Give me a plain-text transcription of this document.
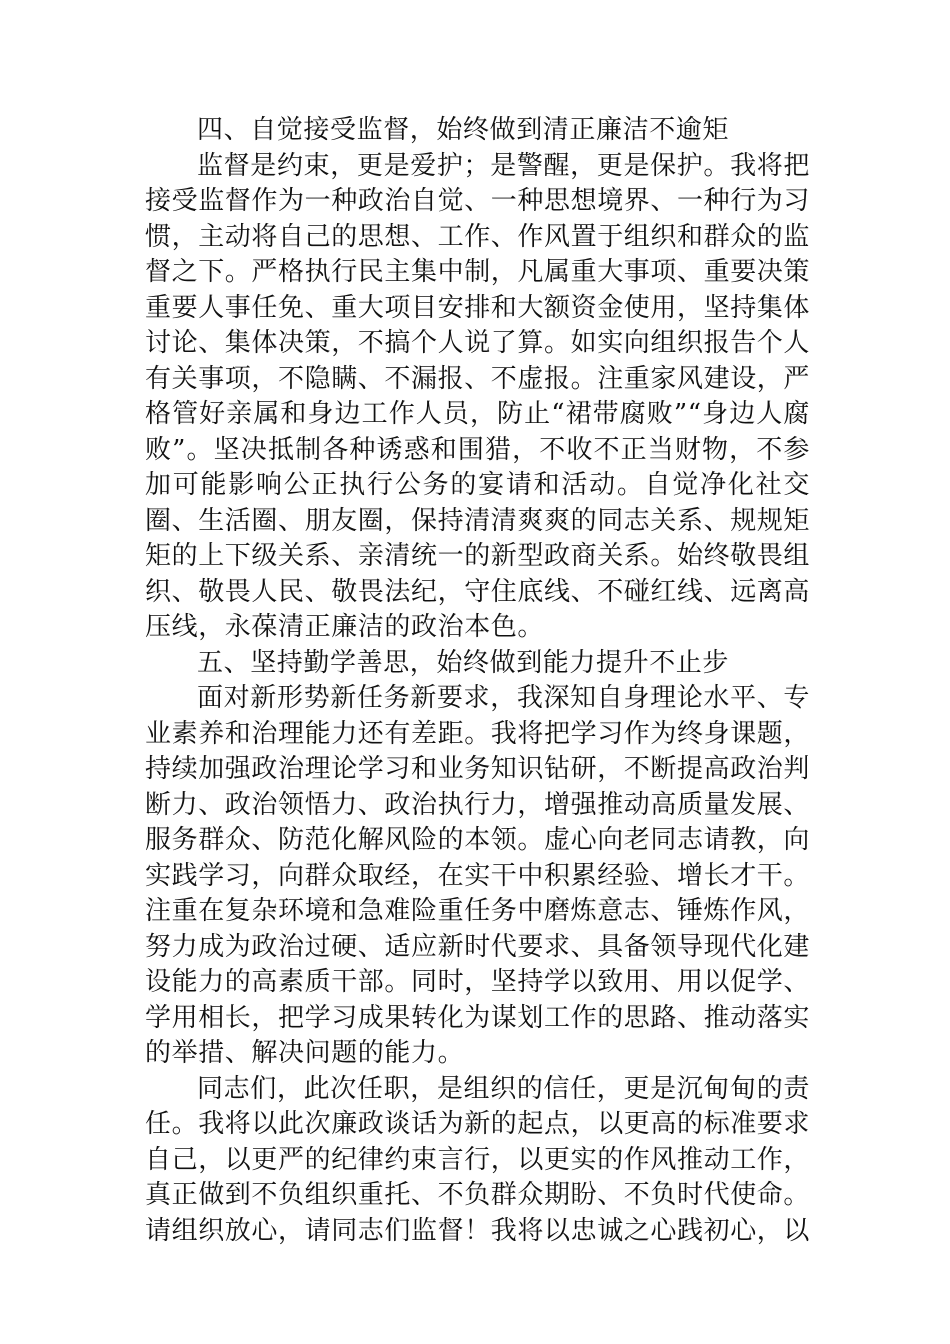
四、自觉接受监督，始终做到清正廉洁不逾矩

监督是约束，更是爱护；是警醒，更是保护。我将把接受监督作为一种政治自觉、一种思想境界、一种行为习惯，主动将自己的思想、工作、作风置于组织和群众的监督之下。严格执行民主集中制，凡属重大事项、重要决策重要人事任免、重大项目安排和大额资金使用，坚持集体讨论、集体决策，不搞个人说了算。如实向组织报告个人有关事项，不隐瞒、不漏报、不虚报。注重家风建设，严格管好亲属和身边工作人员，防止“裙带腐败”“身边人腐败”。坚决抵制各种诱惑和围猎，不收不正当财物，不参加可能影响公正执行公务的宴请和活动。自觉净化社交圈、生活圈、朋友圈，保持清清爽爽的同志关系、规规矩矩的上下级关系、亲清统一的新型政商关系。始终敬畏组织、敬畏人民、敬畏法纪，守住底线、不碰红线、远离高压线，永葆清正廉洁的政治本色。

五、坚持勤学善思，始终做到能力提升不止步

面对新形势新任务新要求，我深知自身理论水平、专业素养和治理能力还有差距。我将把学习作为终身课题，持续加强政治理论学习和业务知识钻研，不断提高政治判断力、政治领悟力、政治执行力，增强推动高质量发展、服务群众、防范化解风险的本领。虚心向老同志请教，向实践学习，向群众取经，在实干中积累经验、增长才干。注重在复杂环境和急难险重任务中磨炼意志、锤炼作风，努力成为政治过硬、适应新时代要求、具备领导现代化建设能力的高素质干部。同时，坚持学以致用、用以促学、学用相长，把学习成果转化为谋划工作的思路、推动落实的举措、解决问题的能力。

同志们，此次任职，是组织的信任，更是沉甸甸的责任。我将以此次廉政谈话为新的起点，以更高的标准要求自己，以更严的纪律约束言行，以更实的作风推动工作，真正做到不负组织重托、不负群众期盼、不负时代使命。请组织放心，请同志们监督！我将以忠诚之心践初心，以
